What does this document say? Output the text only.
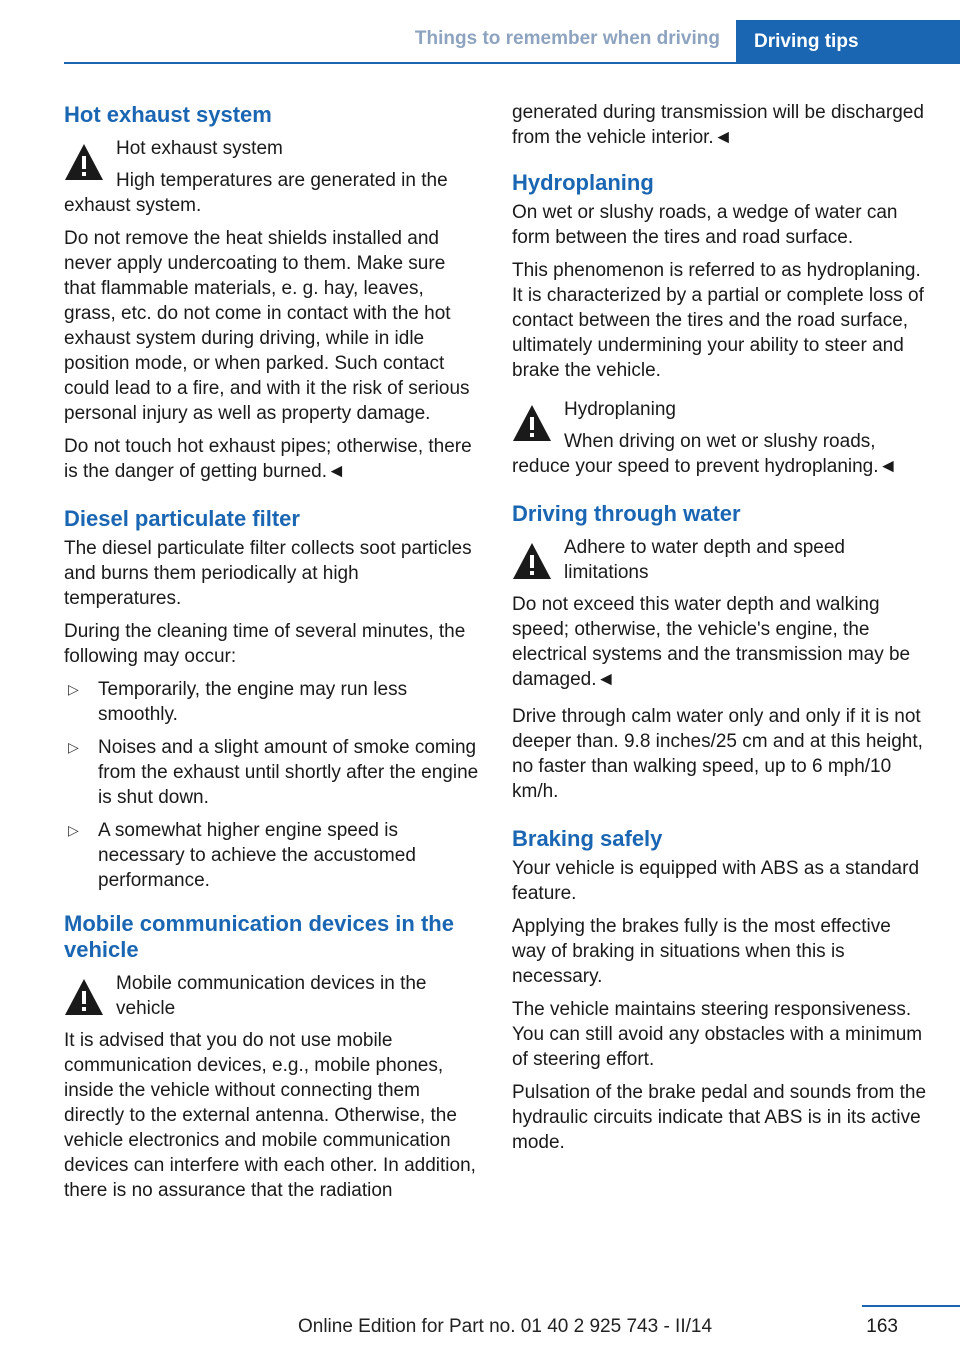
Things to remember when driving Driving tips
Hot exhaust system
Hot exhaust system
High temperatures are generated in the exhaust system.

Do not remove the heat shields installed and never apply undercoating to them. Make sure that flammable materials, e. g. hay, leaves, grass, etc. do not come in contact with the hot exhaust system during driving, while in idle position mode, or when parked. Such contact could lead to a fire, and with it the risk of serious personal injury as well as property damage.

Do not touch hot exhaust pipes; otherwise, there is the danger of getting burned.◄

Diesel particulate filter

The diesel particulate filter collects soot particles and burns them periodically at high temperatures.

During the cleaning time of several minutes, the following may occur:

▷ Temporarily, the engine may run less smoothly.
▷ Noises and a slight amount of smoke coming from the exhaust until shortly after the engine is shut down.
▷ A somewhat higher engine speed is necessary to achieve the accustomed performance.
Mobile communication devices in the vehicle
Mobile communication devices in the vehicle

It is advised that you do not use mobile communication devices, e.g., mobile phones, inside the vehicle without connecting them directly to the external antenna. Otherwise, the vehicle electronics and mobile communication devices can interfere with each other. In addition, there is no assurance that the radiation

generated during transmission will be discharged from the vehicle interior.◄

Hydroplaning

On wet or slushy roads, a wedge of water can form between the tires and road surface.

This phenomenon is referred to as hydroplaning. It is characterized by a partial or complete loss of contact between the tires and the road surface, ultimately undermining your ability to steer and brake the vehicle.

Hydroplaning
When driving on wet or slushy roads, reduce your speed to prevent hydroplaning.◄
Driving through water
Adhere to water depth and speed limitations

Do not exceed this water depth and walking speed; otherwise, the vehicle's engine, the electrical systems and the transmission may be damaged.◄

Drive through calm water only and only if it is not deeper than. 9.8 inches/25 cm and at this height, no faster than walking speed, up to 6 mph/10 km/h.

Braking safely

Your vehicle is equipped with ABS as a standard feature.

Applying the brakes fully is the most effective way of braking in situations when this is necessary.

The vehicle maintains steering responsiveness. You can still avoid any obstacles with a minimum of steering effort.

Pulsation of the brake pedal and sounds from the hydraulic circuits indicate that ABS is in its active mode.

163
Online Edition for Part no. 01 40 2 925 743 - II/14
